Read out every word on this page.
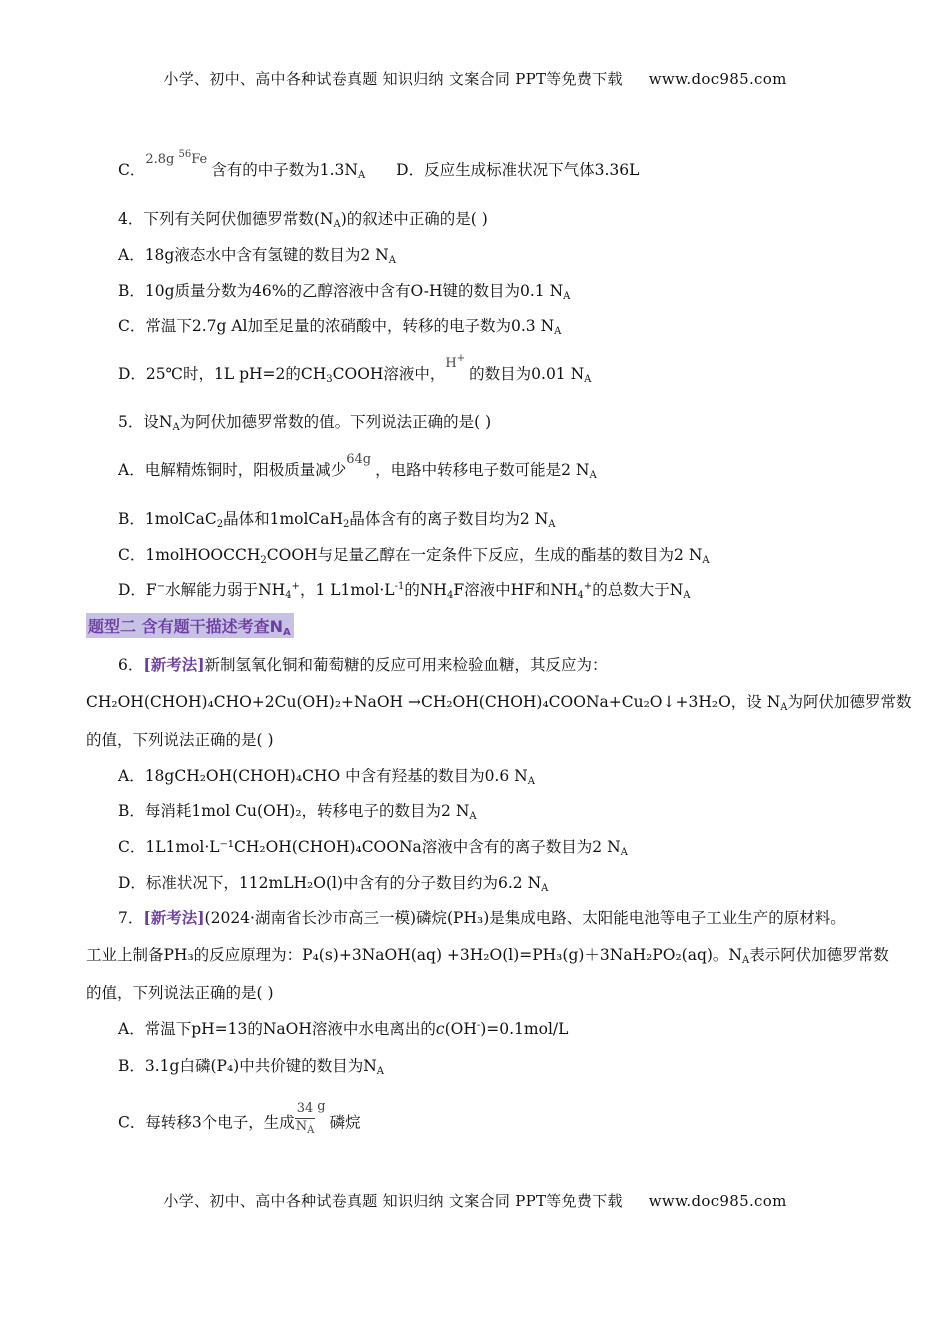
小学、初中、高中各种试卷真题 知识归纳 文案合同 PPT等免费下载 www.doc985.com
C．2.8g $^{56}$Fe含有的中子数为$1.3N_A$ D．反应生成标准状况下气体3.36L
4．下列有关阿伏伽德罗常数$(N_A)$的叙述中正确的是( )
A．18g液态水中含有氢键的数目为2 $N_A$
B．10g质量分数为46%的乙醇溶液中含有O-H键的数目为0.1 $N_A$
C．常温下2.7g Al加至足量的浓硝酸中，转移的电子数为0.3 $N_A$
D．25℃时，1L pH=2的$CH_3COOH$溶液中，H+的数目为0.01 $N_A$
5．设$N_A$为阿伏加德罗常数的值。下列说法正确的是( )
A．电解精炼铜时，阳极质量减少64g，电路中转移电子数可能是2 $N_A$
B．1molCaC$_2$晶体和1molCaH$_2$晶体含有的离子数目均为2 $N_A$
C．1molHOOCCH$_2$COOH与足量乙醇在一定条件下反应，生成的酯基的数目为2 $N_A$
D．F−水解能力弱于$NH_4^+$，1 $L1mol\cdot L^{-1}$的$NH_4F$溶液中HF和$NH_4^+$的总数大于$N_A$
题型二 含有题干描述考查$N_A$
6．[新考法]新制氢氧化铜和葡萄糖的反应可用来检验血糖，其反应为：
CH₂OH(CHOH)₄CHO+2Cu(OH)₂+NaOH →CH₂OH(CHOH)₄COONa+Cu₂O↓+3H₂O，设 $N_A$为阿伏加德罗常数
的值，下列说法正确的是( )
A．18gCH₂OH(CHOH)₄CHO 中含有羟基的数目为0.6 $N_A$
B．每消耗1mol Cu(OH)₂，转移电子的数目为2 $N_A$
C．1L1mol·L⁻¹CH₂OH(CHOH)₄COONa溶液中含有的离子数目为2 $N_A$
D．标准状况下，112mLH₂O(l)中含有的分子数目约为6.2 $N_A$
7．[新考法](2024·湖南省长沙市高三一模)磷烷(PH₃)是集成电路、太阳能电池等电子工业生产的原材料。
工业上制备PH₃的反应原理为：P₄(s)+3NaOH(aq) +3H₂O(l)=PH₃(g)＋3NaH₂PO₂(aq)。$N_A$表示阿伏加德罗常数
的值，下列说法正确的是( )
A．常温下pH=13的NaOH溶液中水电离出的c(OH-)=0.1mol/L
B．3.1g白磷(P₄)中共价键的数目为$N_A$
C．每转移3个电子，生成 $\frac{34}{N_A} ^g$磷烷
小学、初中、高中各种试卷真题 知识归纳 文案合同 PPT等免费下载 www.doc985.com
